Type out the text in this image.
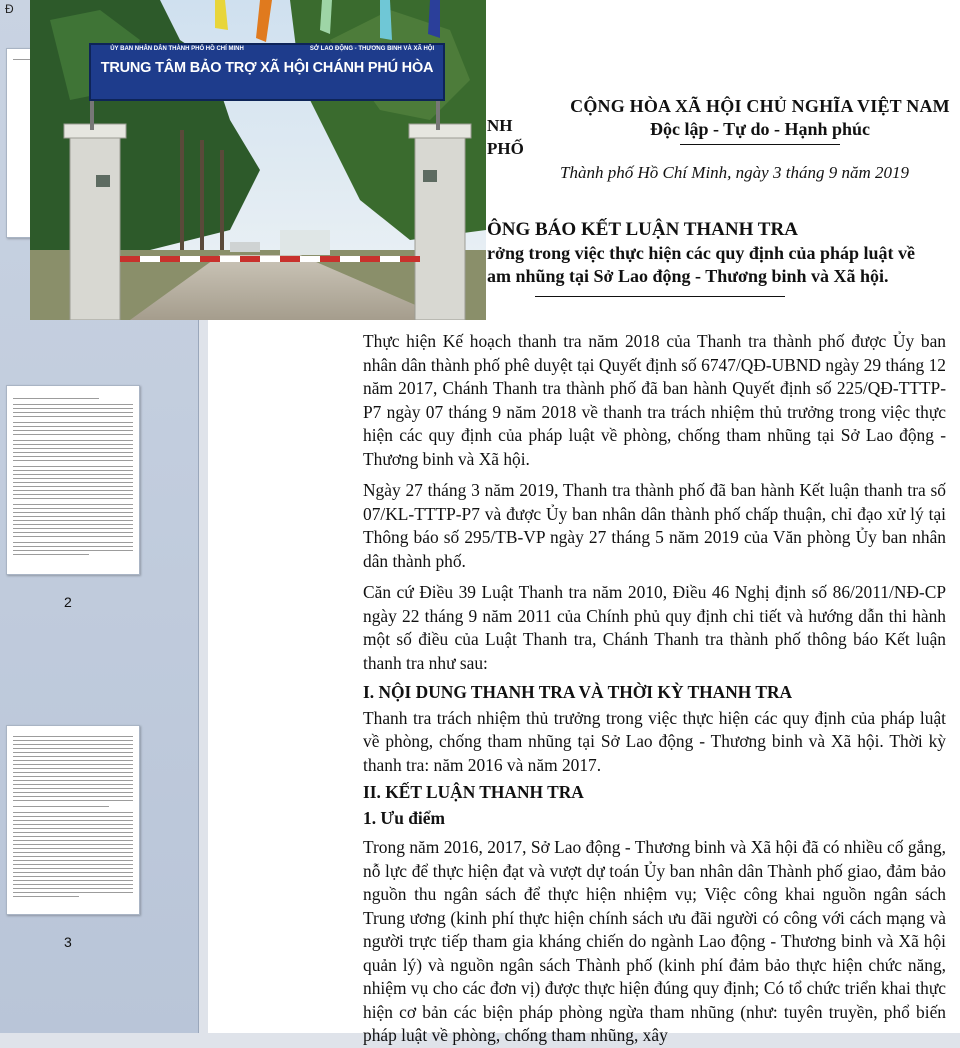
Đ
2
3
ỦY BAN NHÂN DÂN THÀNH PHỐ HỒ CHÍ MINH	SỞ LAO ĐỘNG - THƯƠNG BINH VÀ XÃ HỘI
TRUNG TÂM BẢO TRỢ XÃ HỘI CHÁNH PHÚ HÒA
NH
PHỐ
CỘNG HÒA XÃ HỘI CHỦ NGHĨA VIỆT NAM
Độc lập - Tự do - Hạnh phúc
Thành phố Hồ Chí Minh, ngày 3 tháng 9 năm 2019
ÔNG BÁO KẾT LUẬN THANH TRA
rởng trong việc thực hiện các quy định của pháp luật về
am nhũng tại Sở Lao động - Thương binh và Xã hội.

Thực hiện Kế hoạch thanh tra năm 2018 của Thanh tra thành phố được Ủy ban nhân dân thành phố phê duyệt tại Quyết định số 6747/QĐ-UBND ngày 29 tháng 12 năm 2017, Chánh Thanh tra thành phố đã ban hành Quyết định số 225/QĐ-TTTP-P7 ngày 07 tháng 9 năm 2018 về thanh tra trách nhiệm thủ trưởng trong việc thực hiện các quy định của pháp luật về phòng, chống tham nhũng tại Sở Lao động - Thương binh và Xã hội.

Ngày 27 tháng 3 năm 2019, Thanh tra thành phố đã ban hành Kết luận thanh tra số 07/KL-TTTP-P7 và được Ủy ban nhân dân thành phố chấp thuận, chỉ đạo xử lý tại Thông báo số 295/TB-VP ngày 27 tháng 5 năm 2019 của Văn phòng Ủy ban nhân dân thành phố.

Căn cứ Điều 39 Luật Thanh tra năm 2010, Điều 46 Nghị định số 86/2011/NĐ-CP ngày 22 tháng 9 năm 2011 của Chính phủ quy định chi tiết và hướng dẫn thi hành một số điều của Luật Thanh tra, Chánh Thanh tra thành phố thông báo Kết luận thanh tra như sau:

I. NỘI DUNG THANH TRA VÀ THỜI KỲ THANH TRA

Thanh tra trách nhiệm thủ trưởng trong việc thực hiện các quy định của pháp luật về phòng, chống tham nhũng tại Sở Lao động - Thương binh và Xã hội. Thời kỳ thanh tra: năm 2016 và năm 2017.

II. KẾT LUẬN THANH TRA

1. Ưu điểm

Trong năm 2016, 2017, Sở Lao động - Thương binh và Xã hội đã có nhiều cố gắng, nỗ lực để thực hiện đạt và vượt dự toán Ủy ban nhân dân Thành phố giao, đảm bảo nguồn thu ngân sách để thực hiện nhiệm vụ; Việc công khai nguồn ngân sách Trung ương (kinh phí thực hiện chính sách ưu đãi người có công với cách mạng và người trực tiếp tham gia kháng chiến do ngành Lao động - Thương binh và Xã hội quản lý) và nguồn ngân sách Thành phố (kinh phí đảm bảo thực hiện chức năng, nhiệm vụ cho các đơn vị) được thực hiện đúng quy định; Có tổ chức triển khai thực hiện cơ bản các biện pháp phòng ngừa tham nhũng (như: tuyên truyền, phổ biến pháp luật về phòng, chống tham nhũng, xây
